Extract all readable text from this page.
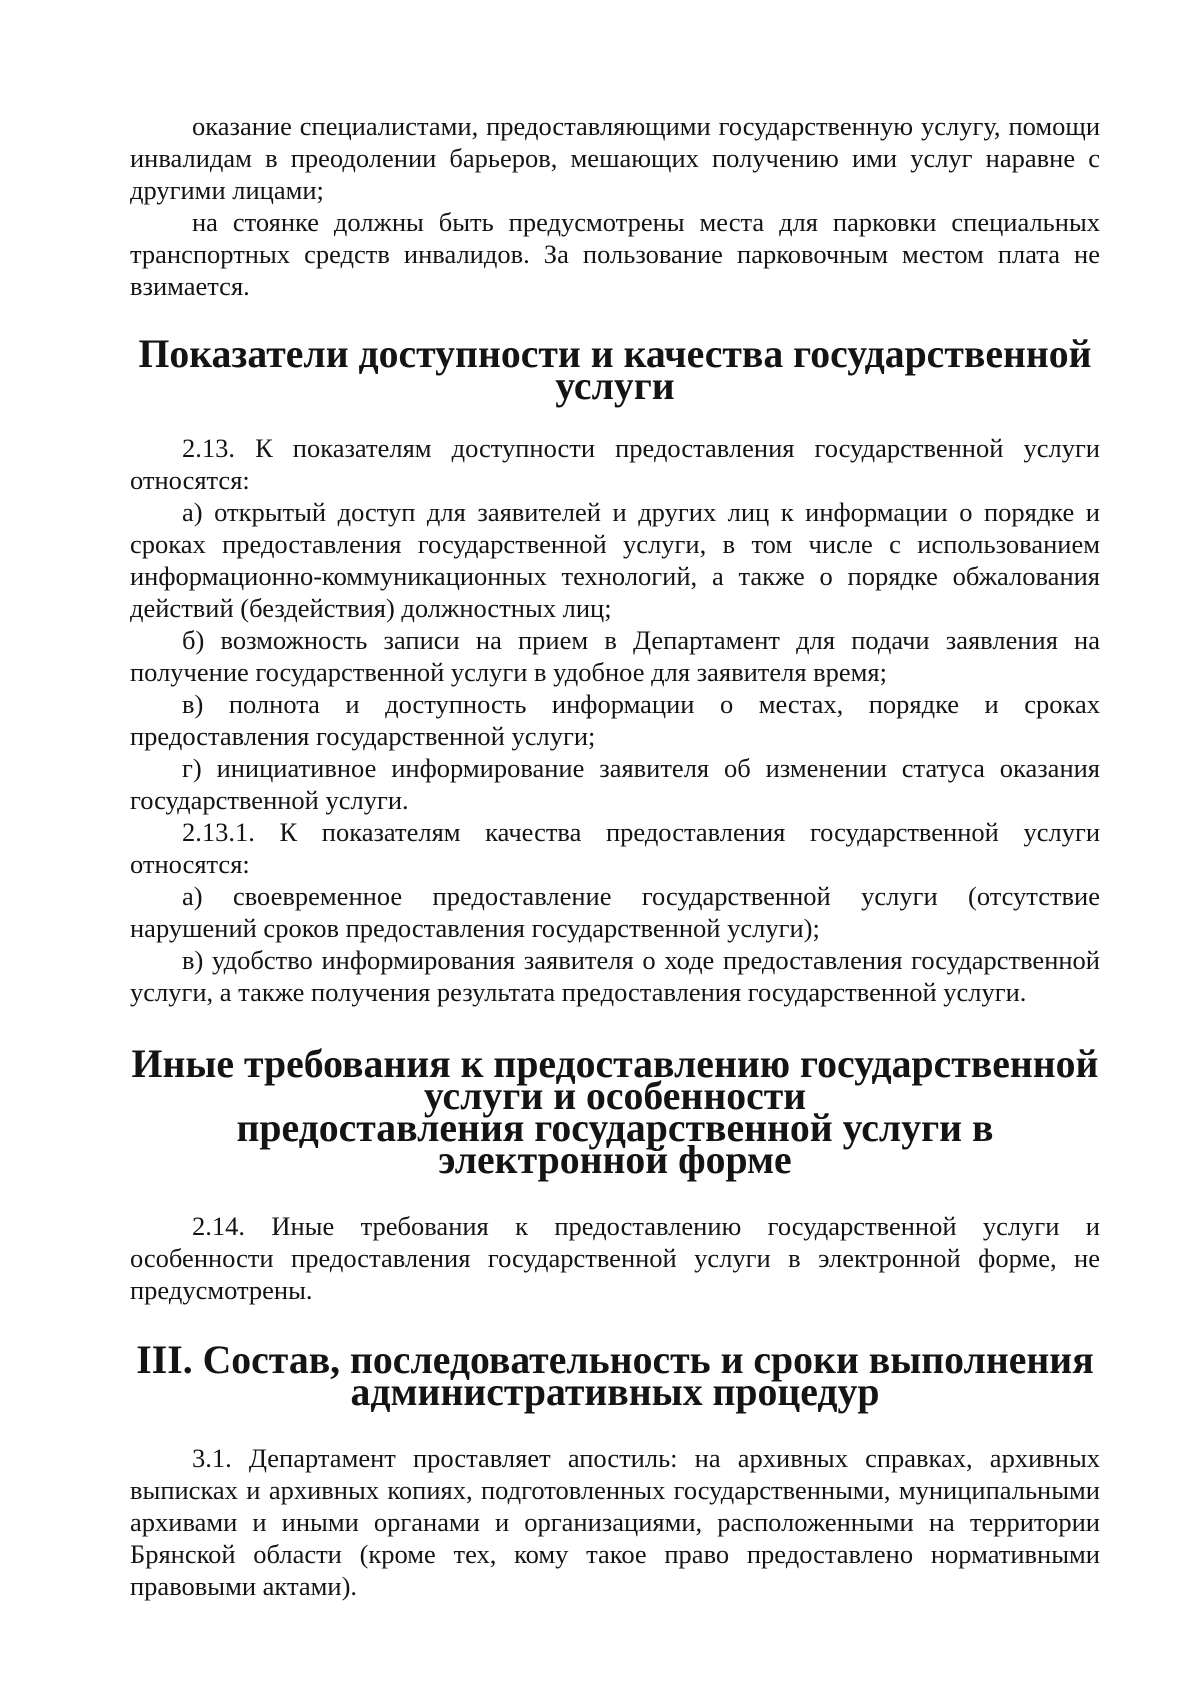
оказание специалистами, предоставляющими государственную услугу, помощи инвалидам в преодолении барьеров, мешающих получению ими услуг наравне с другими лицами;

на стоянке должны быть предусмотрены места для парковки специальных транспортных средств инвалидов. За пользование парковочным местом плата не взимается.

Показатели доступности и качества государственной услуги

2.13. К показателям доступности предоставления государственной услуги относятся:

а) открытый доступ для заявителей и других лиц к информации о порядке и сроках предоставления государственной услуги, в том числе с использованием информационно-коммуникационных технологий, а также о порядке обжалования действий (бездействия) должностных лиц;

б) возможность записи на прием в Департамент для подачи заявления на получение государственной услуги в удобное для заявителя время;

в) полнота и доступность информации о местах, порядке и сроках предоставления государственной услуги;

г) инициативное информирование заявителя об изменении статуса оказания государственной услуги.

2.13.1. К показателям качества предоставления государственной услуги относятся:

а) своевременное предоставление государственной услуги (отсутствие нарушений сроков предоставления государственной услуги);

в) удобство информирования заявителя о ходе предоставления государственной услуги, а также получения результата предоставления государственной услуги.

Иные требования к предоставлению государственной услуги и особенности
предоставления государственной услуги в электронной форме

2.14. Иные требования к предоставлению государственной услуги и особенности предоставления государственной услуги в электронной форме, не предусмотрены.

III. Состав, последовательность и сроки выполнения
административных процедур

3.1. Департамент проставляет апостиль: на архивных справках, архивных выписках и архивных копиях, подготовленных государственными, муниципальными архивами и иными органами и организациями, расположенными на территории Брянской области (кроме тех, кому такое право предоставлено нормативными правовыми актами).
